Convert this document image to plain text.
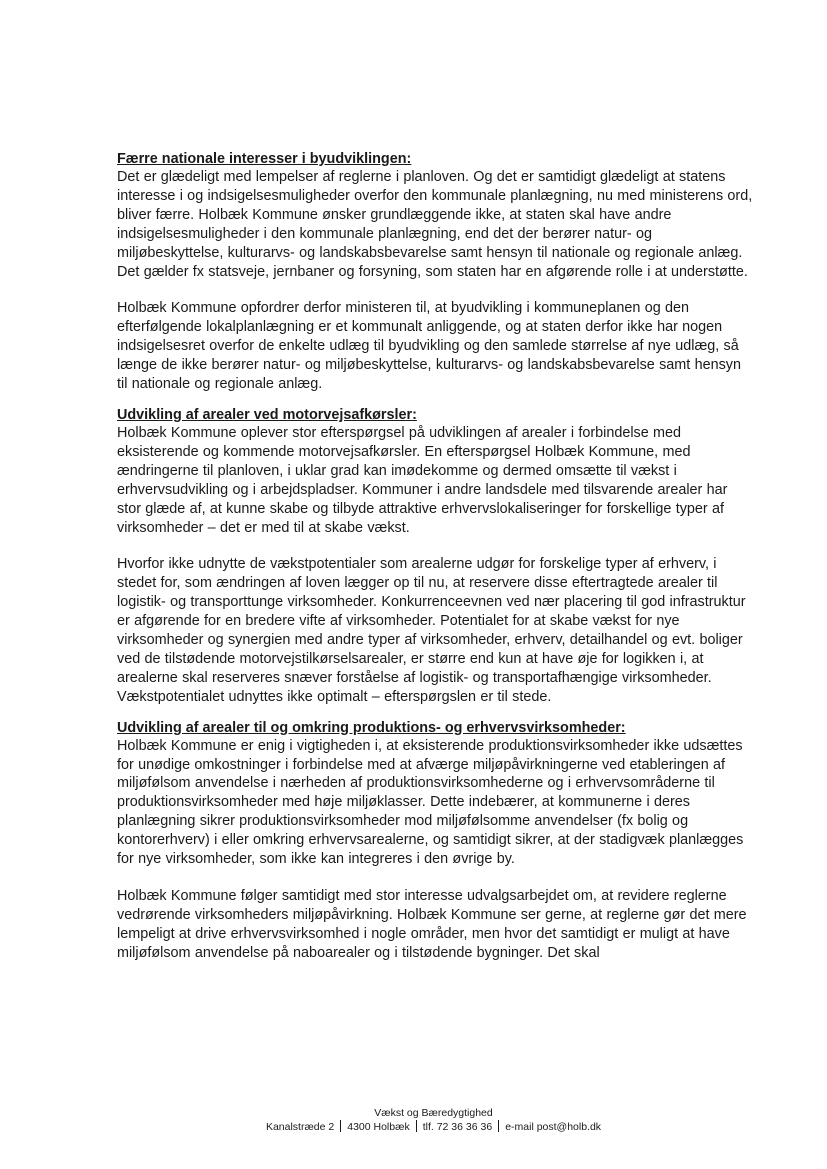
Færre nationale interesser i byudviklingen:

Det er glædeligt med lempelser af reglerne i planloven. Og det er samtidigt glædeligt at statens interesse i og indsigelsesmuligheder overfor den kommunale planlægning, nu med ministerens ord, bliver færre. Holbæk Kommune ønsker grundlæggende ikke, at staten skal have andre indsigelsesmuligheder i den kommunale planlægning, end det der berører natur- og miljøbeskyttelse, kulturarvs- og landskabsbevarelse samt hensyn til nationale og regionale anlæg. Det gælder fx statsveje, jernbaner og forsyning, som staten har en afgørende rolle i at understøtte.

Holbæk Kommune opfordrer derfor ministeren til, at byudvikling i kommuneplanen og den efterfølgende lokalplanlægning er et kommunalt anliggende, og at staten derfor ikke har nogen indsigelsesret overfor de enkelte udlæg til byudvikling og den samlede størrelse af nye udlæg, så længe de ikke berører natur- og miljøbeskyttelse, kulturarvs- og landskabsbevarelse samt hensyn til nationale og regionale anlæg.

Udvikling af arealer ved motorvejsafkørsler:

Holbæk Kommune oplever stor efterspørgsel på udviklingen af arealer i forbindelse med eksisterende og kommende motorvejsafkørsler. En efterspørgsel Holbæk Kommune, med ændringerne til planloven, i uklar grad kan imødekomme og dermed omsætte til vækst i erhvervsudvikling og i arbejdspladser. Kommuner i andre landsdele med tilsvarende arealer har stor glæde af, at kunne skabe og tilbyde attraktive erhvervslokaliseringer for forskellige typer af virksomheder – det er med til at skabe vækst.

Hvorfor ikke udnytte de vækstpotentialer som arealerne udgør for forskelige typer af erhverv, i stedet for, som ændringen af loven lægger op til nu, at reservere disse eftertragtede arealer til logistik- og transporttunge virksomheder. Konkurrenceevnen ved nær placering til god infrastruktur er afgørende for en bredere vifte af virksomheder. Potentialet for at skabe vækst for nye virksomheder og synergien med andre typer af virksomheder, erhverv, detailhandel og evt. boliger ved de tilstødende motorvejstilkørselsarealer, er større end kun at have øje for logikken i, at arealerne skal reserveres snæver forståelse af logistik- og transportafhængige virksomheder. Vækstpotentialet udnyttes ikke optimalt – efterspørgslen er til stede.

Udvikling af arealer til og omkring produktions- og erhvervsvirksomheder:

Holbæk Kommune er enig i vigtigheden i, at eksisterende produktionsvirksomheder ikke udsættes for unødige omkostninger i forbindelse med at afværge miljøpåvirkningerne ved etableringen af miljøfølsom anvendelse i nærheden af produktionsvirksomhederne og i erhvervsområderne til produktionsvirksomheder med høje miljøklasser. Dette indebærer, at kommunerne i deres planlægning sikrer produktionsvirksomheder mod miljøfølsomme anvendelser (fx bolig og kontorerhverv) i eller omkring erhvervsarealerne, og samtidigt sikrer, at der stadigvæk planlægges for nye virksomheder, som ikke kan integreres i den øvrige by.

Holbæk Kommune følger samtidigt med stor interesse udvalgsarbejdet om, at revidere reglerne vedrørende virksomheders miljøpåvirkning. Holbæk Kommune ser gerne, at reglerne gør det mere lempeligt at drive erhvervsvirksomhed i nogle områder, men hvor det samtidigt er muligt at have miljøfølsom anvendelse på naboarealer og i tilstødende bygninger. Det skal

Vækst og Bæredygtighed
Kanalstræde 2 4300 Holbæk tlf. 72 36 36 36 e-mail post@holb.dk
